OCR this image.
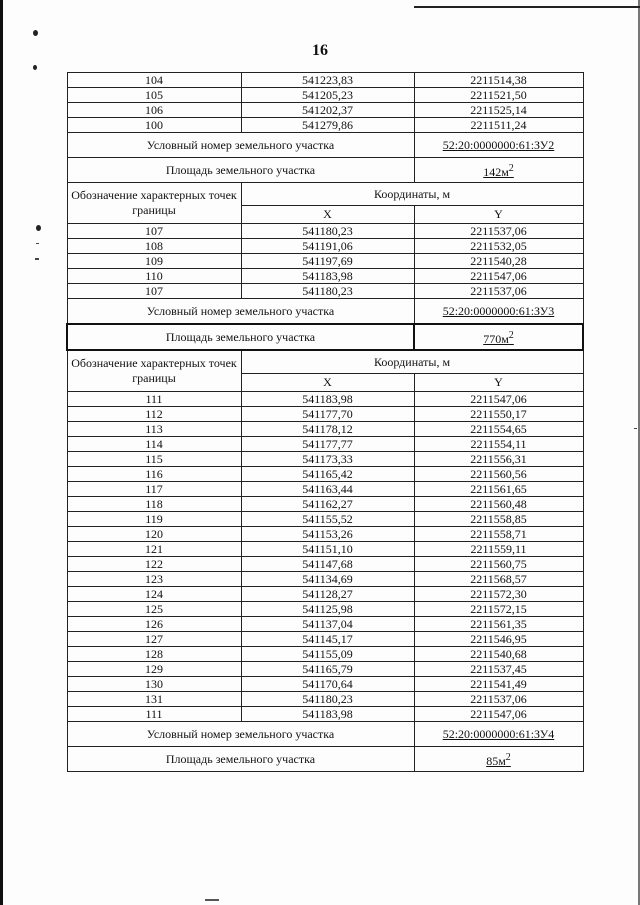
16
104	541223,83	2211514,38
105	541205,23	2211521,50
106	541202,37	2211525,14
100	541279,86	2211511,24
Условный номер земельного участка		52:20:0000000:61:ЗУ2
Площадь земельного участка		$142м^2$
Обозначение характерных точек границы	Координаты, м	
	X	Y
107	541180,23	2211537,06
108	541191,06	2211532,05
109	541197,69	2211540,28
110	541183,98	2211547,06
107	541180,23	2211537,06
Условный номер земельного участка		52:20:0000000:61:ЗУ3
Площадь земельного участка		$770м^2$
Обозначение характерных точек границы	Координаты, м	
	X	Y
111	541183,98	2211547,06
112	541177,70	2211550,17
113	541178,12	2211554,65
114	541177,77	2211554,11
115	541173,33	2211556,31
116	541165,42	2211560,56
117	541163,44	2211561,65
118	541162,27	2211560,48
119	541155,52	2211558,85
120	541153,26	2211558,71
121	541151,10	2211559,11
122	541147,68	2211560,75
123	541134,69	2211568,57
124	541128,27	2211572,30
125	541125,98	2211572,15
126	541137,04	2211561,35
127	541145,17	2211546,95
128	541155,09	2211540,68
129	541165,79	2211537,45
130	541170,64	2211541,49
131	541180,23	2211537,06
111	541183,98	2211547,06
Условный номер земельного участка		52:20:0000000:61:ЗУ4
Площадь земельного участка		$85м^2$
